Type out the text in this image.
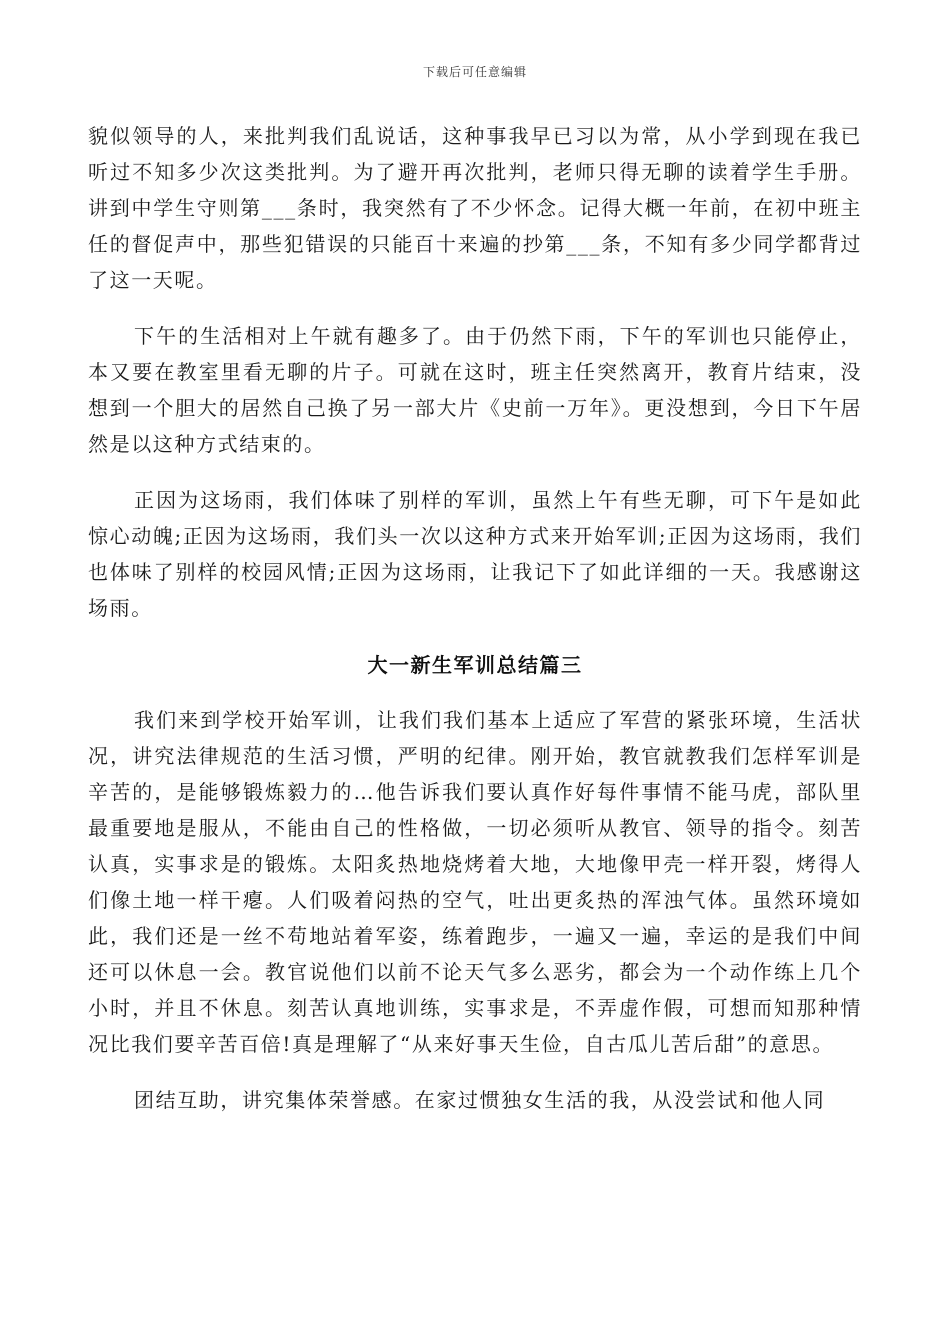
下载后可任意编辑

貌似领导的人，来批判我们乱说话，这种事我早已习以为常，从小学到现在我已听过不知多少次这类批判。为了避开再次批判，老师只得无聊的读着学生手册。讲到中学生守则第___条时，我突然有了不少怀念。记得大概一年前，在初中班主任的督促声中，那些犯错误的只能百十来遍的抄第___条，不知有多少同学都背过了这一天呢。

下午的生活相对上午就有趣多了。由于仍然下雨，下午的军训也只能停止，本又要在教室里看无聊的片子。可就在这时，班主任突然离开，教育片结束，没想到一个胆大的居然自己换了另一部大片《史前一万年》。更没想到，今日下午居然是以这种方式结束的。

正因为这场雨，我们体味了别样的军训，虽然上午有些无聊，可下午是如此惊心动魄;正因为这场雨，我们头一次以这种方式来开始军训;正因为这场雨，我们也体味了别样的校园风情;正因为这场雨，让我记下了如此详细的一天。我感谢这场雨。

大一新生军训总结篇三

我们来到学校开始军训，让我们我们基本上适应了军营的紧张环境，生活状况，讲究法律规范的生活习惯，严明的纪律。刚开始，教官就教我们怎样军训是辛苦的，是能够锻炼毅力的…他告诉我们要认真作好每件事情不能马虎，部队里最重要地是服从，不能由自己的性格做，一切必须听从教官、领导的指令。刻苦认真，实事求是的锻炼。太阳炙热地烧烤着大地，大地像甲壳一样开裂，烤得人们像土地一样干瘪。人们吸着闷热的空气，吐出更炙热的浑浊气体。虽然环境如此，我们还是一丝不苟地站着军姿，练着跑步，一遍又一遍，幸运的是我们中间还可以休息一会。教官说他们以前不论天气多么恶劣，都会为一个动作练上几个小时，并且不休息。刻苦认真地训练，实事求是，不弄虚作假，可想而知那种情况比我们要辛苦百倍!真是理解了“从来好事天生俭，自古瓜儿苦后甜”的意思。

团结互助，讲究集体荣誉感。在家过惯独女生活的我，从没尝试和他人同
